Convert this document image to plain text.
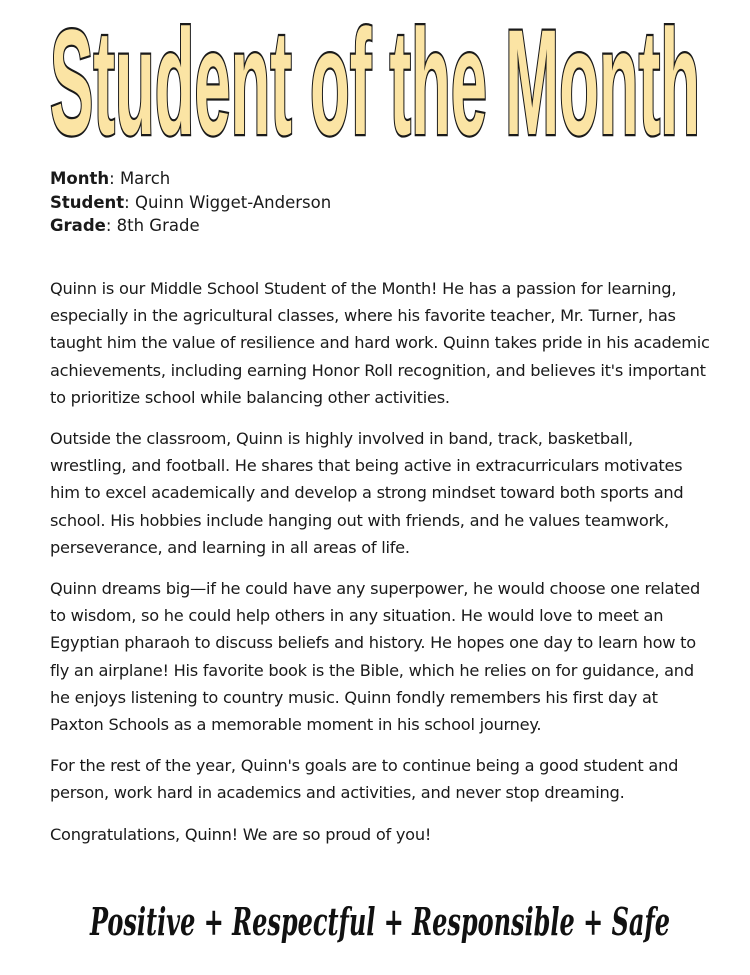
Student of the Month
Month: March
Student: Quinn Wigget-Anderson
Grade: 8th Grade

Quinn is our Middle School Student of the Month! He has a passion for learning, especially in the agricultural classes, where his favorite teacher, Mr. Turner, has taught him the value of resilience and hard work. Quinn takes pride in his academic achievements, including earning Honor Roll recognition, and believes it's important to prioritize school while balancing other activities.

Outside the classroom, Quinn is highly involved in band, track, basketball, wrestling, and football. He shares that being active in extracurriculars motivates him to excel academically and develop a strong mindset toward both sports and school. His hobbies include hanging out with friends, and he values teamwork, perseverance, and learning in all areas of life.

Quinn dreams big—if he could have any superpower, he would choose one related to wisdom, so he could help others in any situation. He would love to meet an Egyptian pharaoh to discuss beliefs and history. He hopes one day to learn how to fly an airplane! His favorite book is the Bible, which he relies on for guidance, and he enjoys listening to country music. Quinn fondly remembers his first day at Paxton Schools as a memorable moment in his school journey.

For the rest of the year, Quinn's goals are to continue being a good student and person, work hard in academics and activities, and never stop dreaming.

Congratulations, Quinn! We are so proud of you!

Positive + Respectful + Responsible + Safe
